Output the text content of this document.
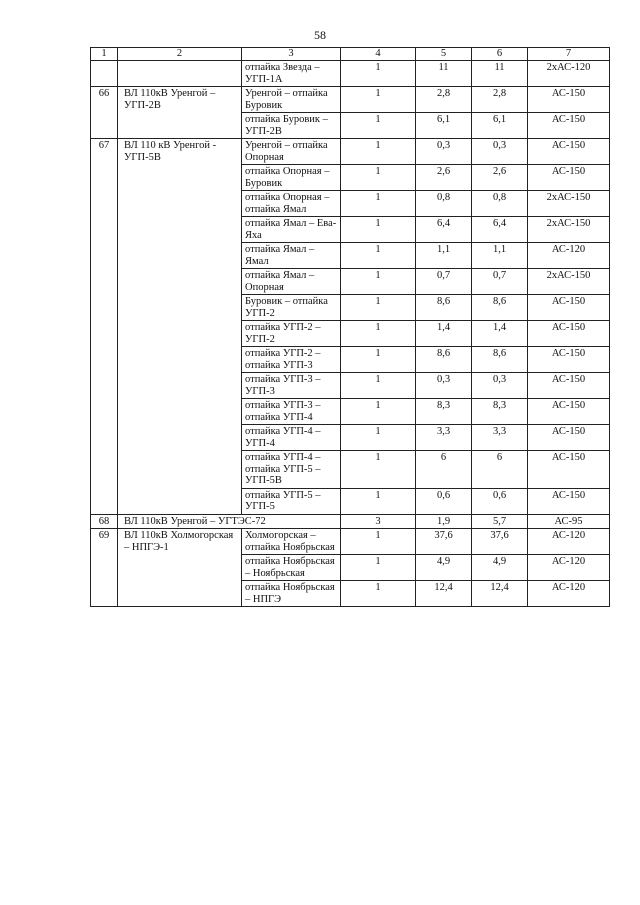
58
1	2	3	4	5	6	7
		отпайка Звезда – УГП-1А	1	11	11	2хАС-120
66	ВЛ 110кВ Уренгой – УГП-2В	Уренгой – отпайка Буровик	1	2,8	2,8	АС-150
		отпайка Буровик – УГП-2В	1	6,1	6,1	АС-150
67	ВЛ 110 кВ Уренгой - УГП-5В	Уренгой – отпайка Опорная	1	0,3	0,3	АС-150
		отпайка Опорная – Буровик	1	2,6	2,6	АС-150
		отпайка Опорная – отпайка Ямал	1	0,8	0,8	2хАС-150
		отпайка Ямал – Ева-Яха	1	6,4	6,4	2хАС-150
		отпайка Ямал – Ямал	1	1,1	1,1	АС-120
		отпайка Ямал – Опорная	1	0,7	0,7	2хАС-150
		Буровик – отпайка УГП-2	1	8,6	8,6	АС-150
		отпайка УГП-2 – УГП-2	1	1,4	1,4	АС-150
		отпайка УГП-2 – отпайка УГП-3	1	8,6	8,6	АС-150
		отпайка УГП-3 – УГП-3	1	0,3	0,3	АС-150
		отпайка УГП-3 – отпайка УГП-4	1	8,3	8,3	АС-150
		отпайка УГП-4 – УГП-4	1	3,3	3,3	АС-150
		отпайка УГП-4 – отпайка УГП-5 – УГП-5В	1	6	6	АС-150
		отпайка УГП-5 – УГП-5	1	0,6	0,6	АС-150
68	ВЛ 110кВ Уренгой – УГТЭС-72		3	1,9	5,7	АС-95
69	ВЛ 110кВ Холмогорская – НПГЭ-1	Холмогорская – отпайка Ноябрьская	1	37,6	37,6	АС-120
		отпайка Ноябрьская – Ноябрьская	1	4,9	4,9	АС-120
		отпайка Ноябрьская – НПГЭ	1	12,4	12,4	АС-120
